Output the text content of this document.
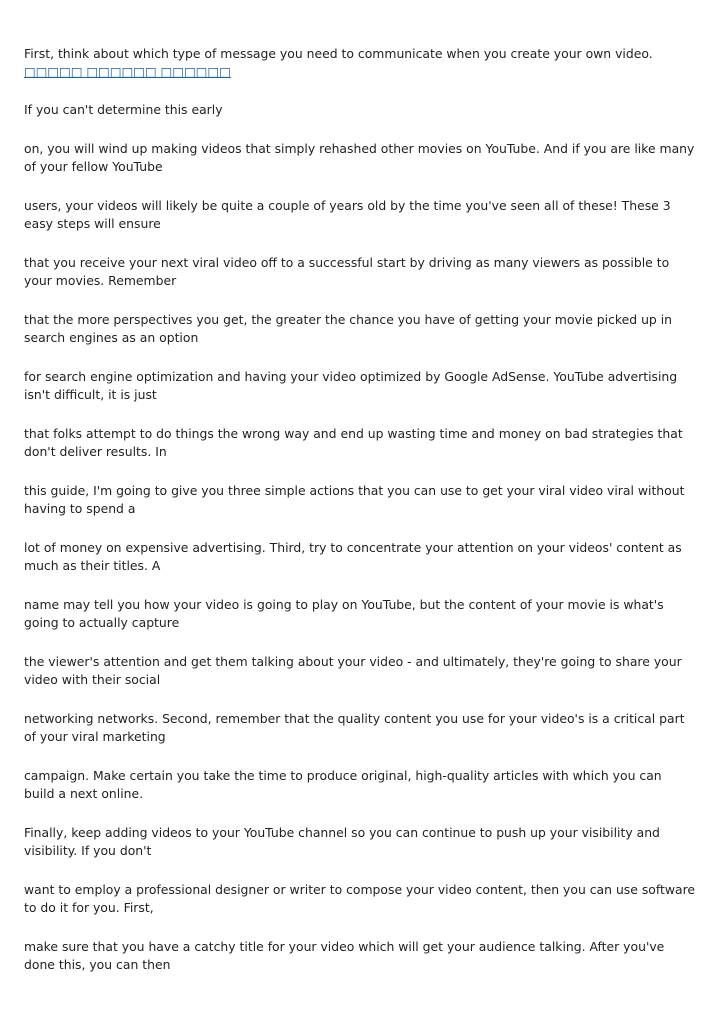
First, think about which type of message you need to communicate when you create your own video. □□□□□ □□□□□□ □□□□□□

If you can't determine this early

on, you will wind up making videos that simply rehashed other movies on YouTube. And if you are like many of your fellow YouTube

users, your videos will likely be quite a couple of years old by the time you've seen all of these! These 3 easy steps will ensure

that you receive your next viral video off to a successful start by driving as many viewers as possible to your movies. Remember

that the more perspectives you get, the greater the chance you have of getting your movie picked up in search engines as an option

for search engine optimization and having your video optimized by Google AdSense. YouTube advertising isn't difficult, it is just

that folks attempt to do things the wrong way and end up wasting time and money on bad strategies that don't deliver results. In

this guide, I'm going to give you three simple actions that you can use to get your viral video viral without having to spend a

lot of money on expensive advertising. Third, try to concentrate your attention on your videos' content as much as their titles. A

name may tell you how your video is going to play on YouTube, but the content of your movie is what's going to actually capture

the viewer's attention and get them talking about your video - and ultimately, they're going to share your video with their social

networking networks. Second, remember that the quality content you use for your video's is a critical part of your viral marketing

campaign. Make certain you take the time to produce original, high-quality articles with which you can build a next online.

Finally, keep adding videos to your YouTube channel so you can continue to push up your visibility and visibility. If you don't

want to employ a professional designer or writer to compose your video content, then you can use software to do it for you. First,

make sure that you have a catchy title for your video which will get your audience talking. After you've done this, you can then
